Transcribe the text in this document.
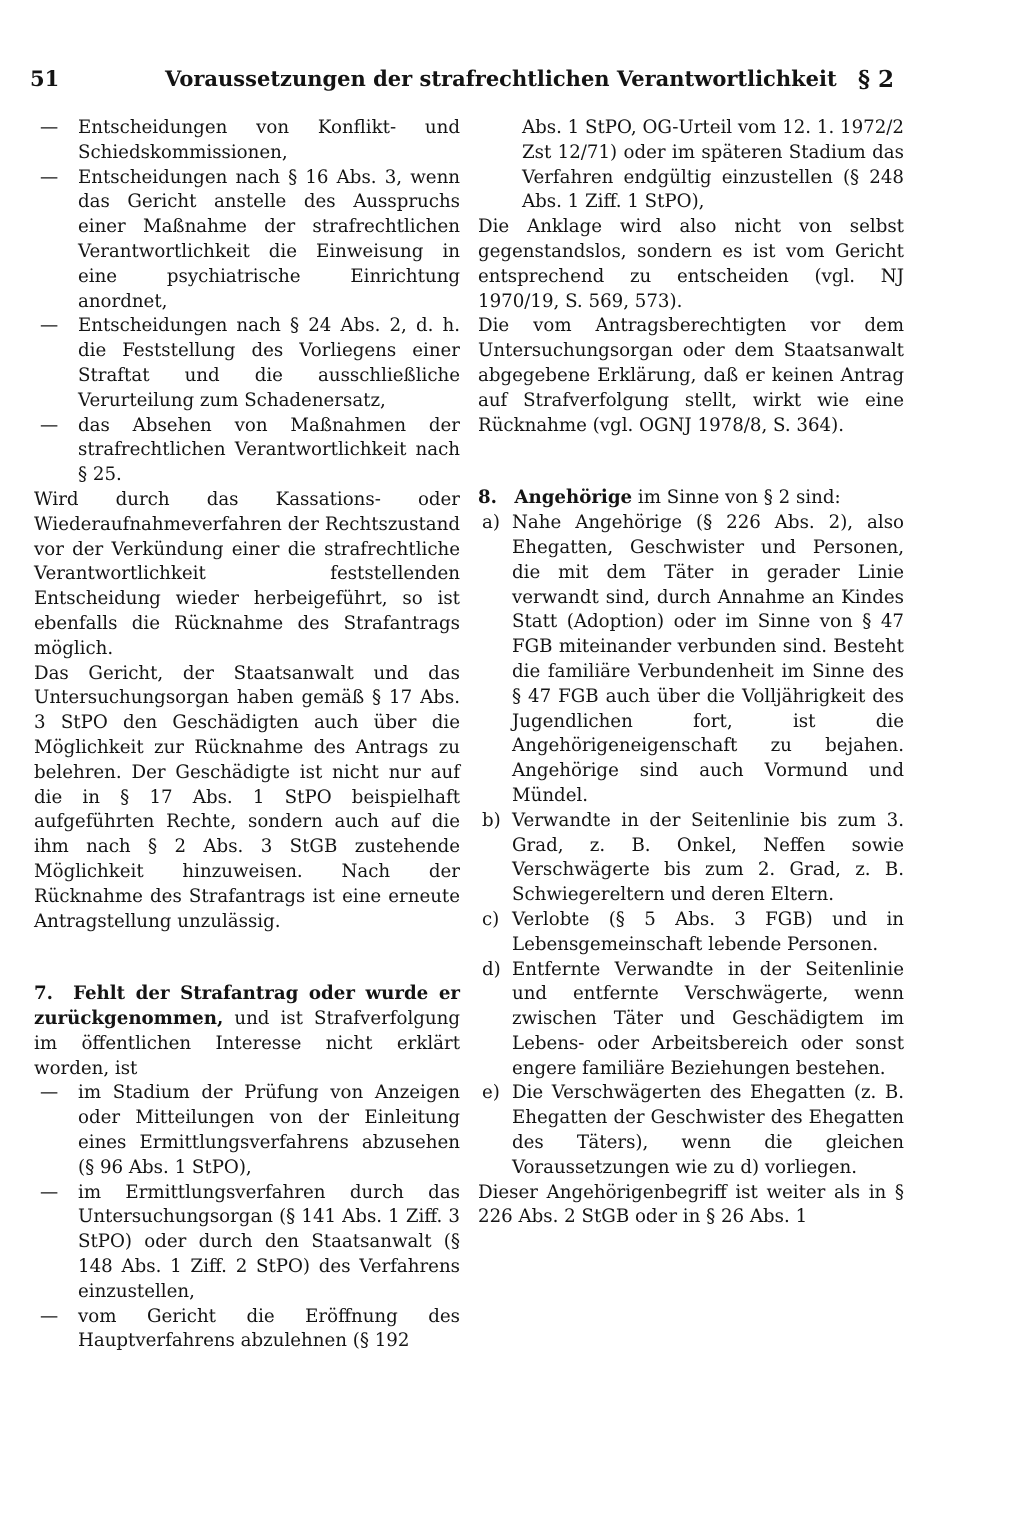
51	Voraussetzungen der strafrechtlichen Verantwortlichkeit § 2
— Entscheidungen von Konflikt- und Schiedskommissionen,
— Entscheidungen nach § 16 Abs. 3, wenn das Gericht anstelle des Ausspruchs einer Maßnahme der strafrechtlichen Verantwortlichkeit die Einweisung in eine psychiatrische Einrichtung anordnet,
— Entscheidungen nach § 24 Abs. 2, d. h. die Feststellung des Vorliegens einer Straftat und die ausschließliche Verurteilung zum Schadenersatz,
— das Absehen von Maßnahmen der strafrechtlichen Verantwortlichkeit nach § 25.
Wird durch das Kassations- oder Wiederaufnahmeverfahren der Rechtszustand vor der Verkündung einer die strafrechtliche Verantwortlichkeit feststellenden Entscheidung wieder herbeigeführt, so ist ebenfalls die Rücknahme des Strafantrags möglich.
Das Gericht, der Staatsanwalt und das Untersuchungsorgan haben gemäß § 17 Abs. 3 StPO den Geschädigten auch über die Möglichkeit zur Rücknahme des Antrags zu belehren. Der Geschädigte ist nicht nur auf die in § 17 Abs. 1 StPO beispielhaft aufgeführten Rechte, sondern auch auf die ihm nach § 2 Abs. 3 StGB zustehende Möglichkeit hinzuweisen. Nach der Rücknahme des Strafantrags ist eine erneute Antragstellung unzulässig.
7. Fehlt der Strafantrag oder wurde er zurückgenommen, und ist Strafverfolgung im öffentlichen Interesse nicht erklärt worden, ist
— im Stadium der Prüfung von Anzeigen oder Mitteilungen von der Einleitung eines Ermittlungsverfahrens abzusehen (§ 96 Abs. 1 StPO),
— im Ermittlungsverfahren durch das Untersuchungsorgan (§ 141 Abs. 1 Ziff. 3 StPO) oder durch den Staatsanwalt (§ 148 Abs. 1 Ziff. 2 StPO) des Verfahrens einzustellen,
— vom Gericht die Eröffnung des Hauptverfahrens abzulehnen (§ 192
Abs. 1 StPO, OG-Urteil vom 12. 1. 1972/2 Zst 12/71) oder im späteren Stadium das Verfahren endgültig einzustellen (§ 248 Abs. 1 Ziff. 1 StPO),
Die Anklage wird also nicht von selbst gegenstandslos, sondern es ist vom Gericht entsprechend zu entscheiden (vgl. NJ 1970/19, S. 569, 573).
Die vom Antragsberechtigten vor dem Untersuchungsorgan oder dem Staatsanwalt abgegebene Erklärung, daß er keinen Antrag auf Strafverfolgung stellt, wirkt wie eine Rücknahme (vgl. OGNJ 1978/8, S. 364).
8. Angehörige im Sinne von § 2 sind:
a) Nahe Angehörige (§ 226 Abs. 2), also Ehegatten, Geschwister und Personen, die mit dem Täter in gerader Linie verwandt sind, durch Annahme an Kindes Statt (Adoption) oder im Sinne von § 47 FGB miteinander verbunden sind. Besteht die familiäre Verbundenheit im Sinne des § 47 FGB auch über die Volljährigkeit des Jugendlichen fort, ist die Angehörigeneigenschaft zu bejahen. Angehörige sind auch Vormund und Mündel.
b) Verwandte in der Seitenlinie bis zum 3. Grad, z. B. Onkel, Neffen sowie Verschwägerte bis zum 2. Grad, z. B. Schwiegereltern und deren Eltern.
c) Verlobte (§ 5 Abs. 3 FGB) und in Lebensgemeinschaft lebende Personen.
d) Entfernte Verwandte in der Seitenlinie und entfernte Verschwägerte, wenn zwischen Täter und Geschädigtem im Lebens- oder Arbeitsbereich oder sonst engere familiäre Beziehungen bestehen.
e) Die Verschwägerten des Ehegatten (z. B. Ehegatten der Geschwister des Ehegatten des Täters), wenn die gleichen Voraussetzungen wie zu d) vorliegen.
Dieser Angehörigenbegriff ist weiter als in § 226 Abs. 2 StGB oder in § 26 Abs. 1
